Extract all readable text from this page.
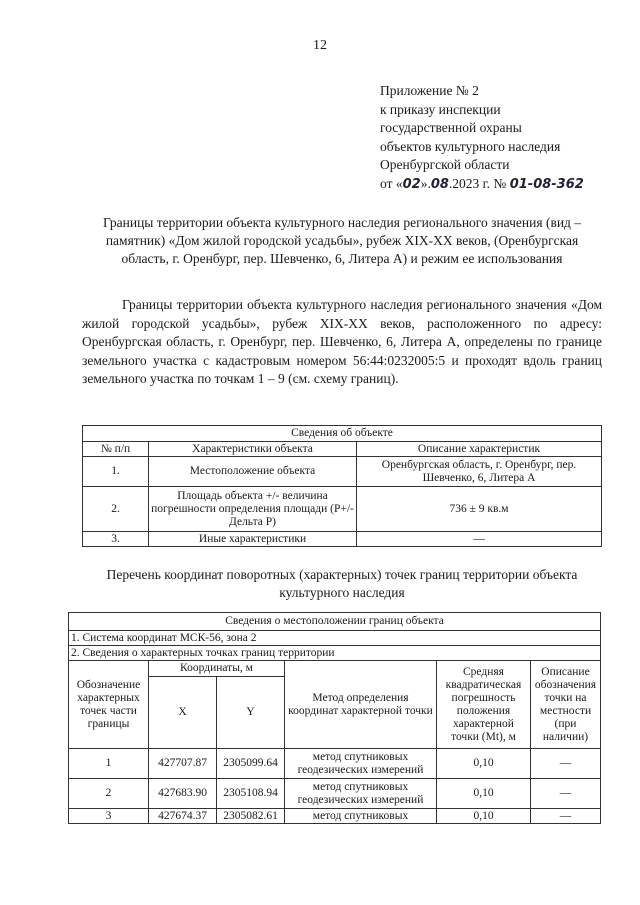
12
Приложение № 2
к приказу инспекции
государственной охраны
объектов культурного наследия
Оренбургской области
от «02».08.2023 г. № 01-08-362
Границы территории объекта культурного наследия регионального значения (вид – памятник) «Дом жилой городской усадьбы», рубеж XIX-XX веков, (Оренбургская область, г. Оренбург, пер. Шевченко, 6, Литера А) и режим ее использования
Границы территории объекта культурного наследия регионального значения «Дом жилой городской усадьбы», рубеж XIX-XX веков, расположенного по адресу: Оренбургская область, г. Оренбург, пер. Шевченко, 6, Литера А, определены по границе земельного участка с кадастровым номером 56:44:0232005:5 и проходят вдоль границ земельного участка по точкам 1 – 9 (см. схему границ).
Сведения об объекте		
№ п/п	Характеристики объекта	Описание характеристик
1.	Местоположение объекта	Оренбургская область, г. Оренбург, пер. Шевченко, 6, Литера А
2.	Площадь объекта +/- величина погрешности определения площади (P+/- Дельта P)	736 ± 9 кв.м
3.	Иные характеристики	—
Перечень координат поворотных (характерных) точек границ территории объекта культурного наследия
Сведения о местоположении границ объекта					
1. Система координат МСК-56, зона 2					
2. Сведения о характерных точках границ территории					
Обозначение характерных точек части границы	Координаты, м		Метод определения координат характерной точки	Средняя квадратическая погрешность положения характерной точки (Mt), м	Описание обозначения точки на местности (при наличии)
	X	Y			
1	427707.87	2305099.64	метод спутниковых геодезических измерений	0,10	—
2	427683.90	2305108.94	метод спутниковых геодезических измерений	0,10	—
3	427674.37	2305082.61	метод спутниковых	0,10	—
